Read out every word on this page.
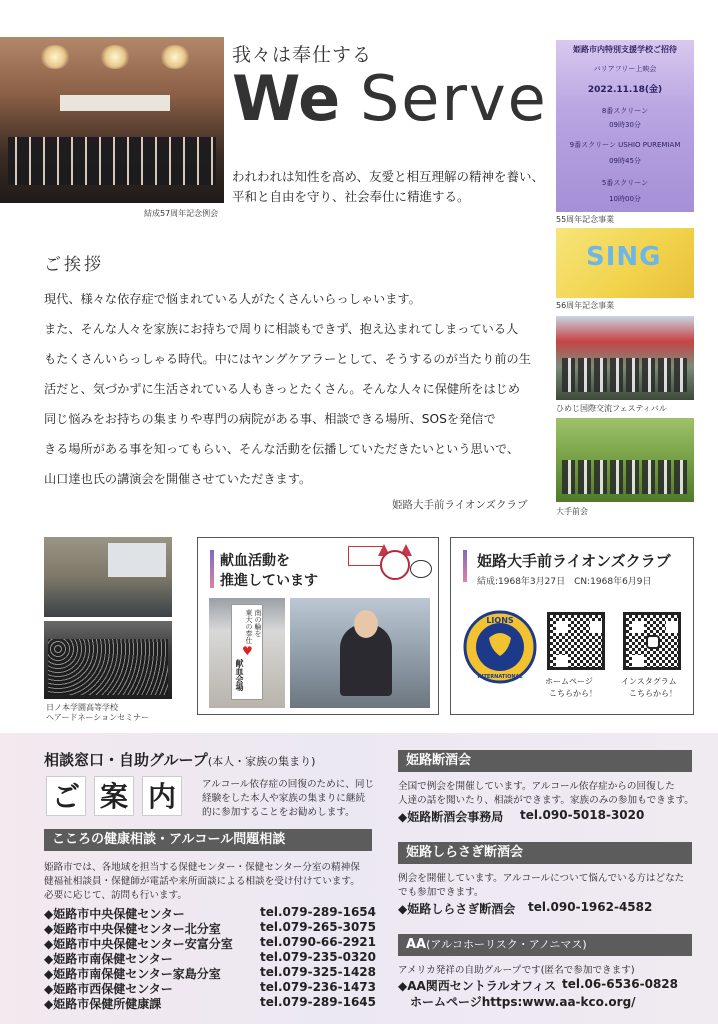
結成57周年記念例会
我々は奉仕する
We Serve
われわれは知性を高め、友愛と相互理解の精神を養い、
平和と自由を守り、社会奉仕に精進する。
ご挨拶
現代、様々な依存症で悩まれている人がたくさんいらっしゃいます。
また、そんな人々を家族にお持ちで周りに相談もできず、抱え込まれてしまっている人
もたくさんいらっしゃる時代。中にはヤングケアラーとして、そうするのが当たり前の生
活だと、気づかずに生活されている人もきっとたくさん。そんな人々に保健所をはじめ
同じ悩みをお持ちの集まりや専門の病院がある事、相談できる場所、SOSを発信で
きる場所がある事を知ってもらい、そんな活動を伝播していただきたいという思いで、
山口達也氏の講演会を開催させていただきます。
姫路大手前ライオンズクラブ
姫路市内特別支援学校ご招待
バリアフリー上映会
2022.11.18(金)
8番スクリーン
09時30分
9番スクリーン USHIO PUREMIAM
09時45分
5番スクリーン
10時00分
55周年記念事業
SING
56周年記念事業
ひめじ国際交流フェスティバル
大手前会
日ノ本学園高等学校
ヘアードネーションセミナー
献血活動を
推進しています
南の輪を
東大の奉仕
♥
献血会場
姫路大手前ライオンズクラブ
結成:1968年3月27日　CN:1968年6月9日
LIONS
INTERNATIONAL	ホームページ
こちらから！
インスタグラム
こちらから！
相談窓口・自助グループ(本人・家族の集まり)
ご 案 内	アルコール依存症の回復のために、同じ
経験をした本人や家族の集まりに継続
的に参加することをお勧めします。
こころの健康相談・アルコール問題相談
姫路市では、各地域を担当する保健センター・保健センター分室の精神保
健福祉相談員・保健師が電話や来所面談による相談を受け付けています。
必要に応じて、訪問も行います。
◆姫路市中央保健センター	tel.079-289-1654
◆姫路市中央保健センター北分室	tel.079-265-3075
◆姫路市中央保健センター安富分室 tel.0790-66-2921
◆姫路市南保健センター	tel.079-235-0320
◆姫路市南保健センター家島分室	tel.079-325-1428
◆姫路市西保健センター	tel.079-236-1473
◆姫路市保健所健康課	tel.079-289-1645
姫路断酒会
全国で例会を開催しています。アルコール依存症からの回復した
人達の話を聞いたり、相談ができます。家族のみの参加もできます。
◆姫路断酒会事務局 tel.090-5018-3020
姫路しらさぎ断酒会
例会を開催しています。アルコールについて悩んでいる方はどなた
でも参加できます。
◆姫路しらさぎ断酒会 tel.090-1962-4582
AA(アルコホーリスク・アノニマス)
アメリカ発祥の自助グループです(匿名で参加できます)
◆AA関西セントラルオフィス tel.06-6536-0828
ホームページhttps:www.aa-kco.org/
